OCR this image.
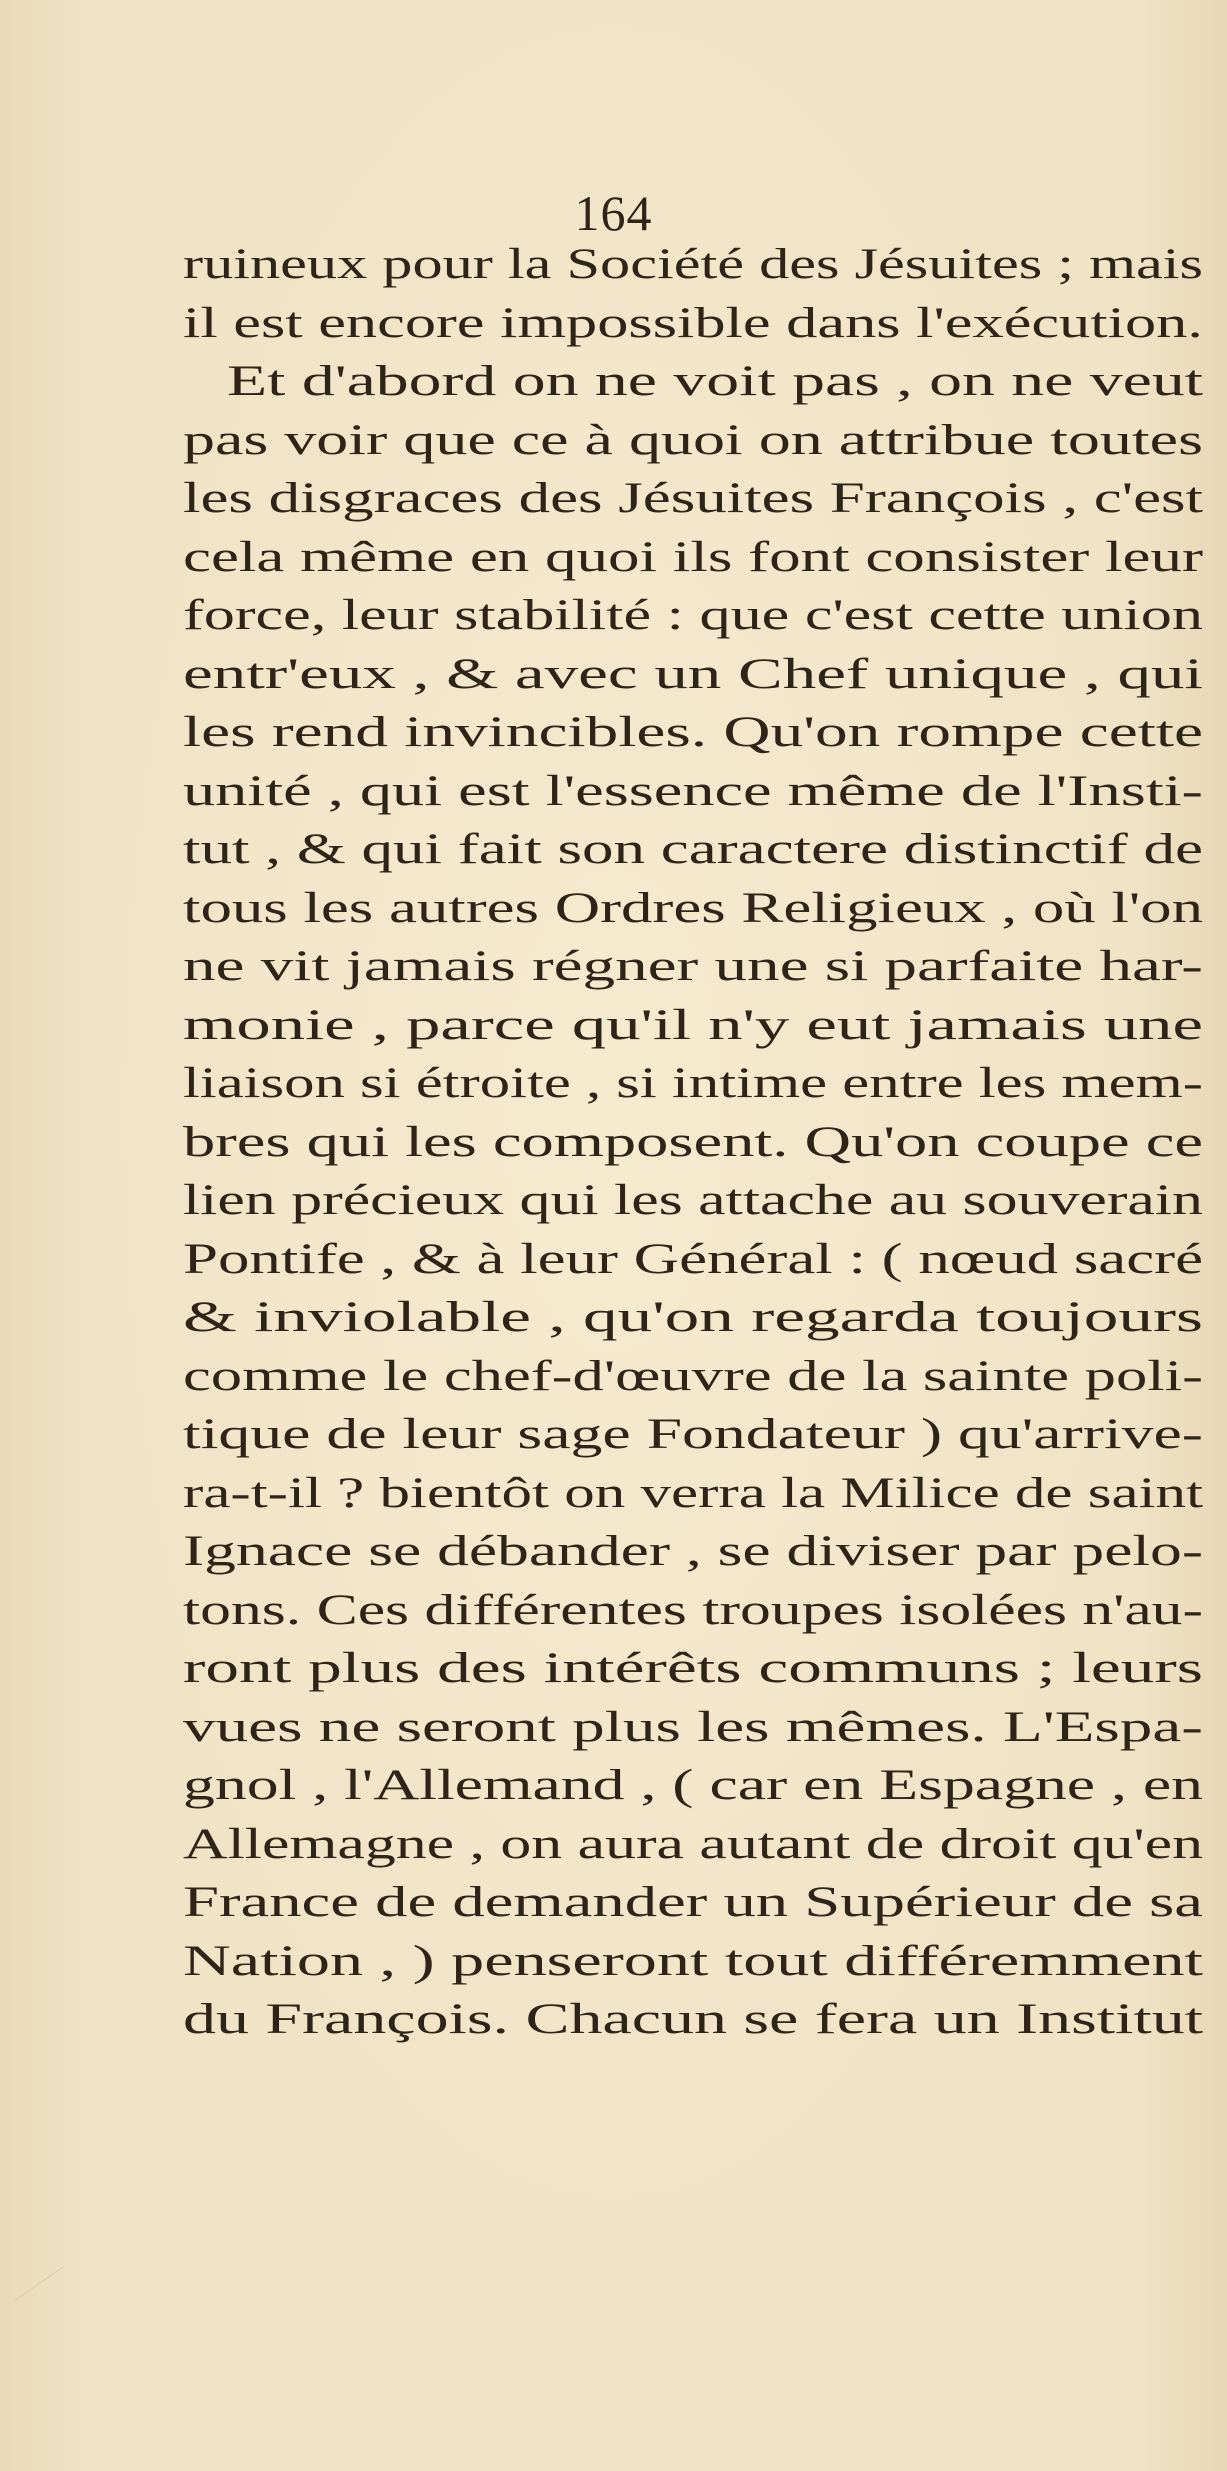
164
ruineux pour la Société des Jésuites ; mais
il est encore impossible dans l'exécution.
Et d'abord on ne voit pas , on ne veut
pas voir que ce à quoi on attribue toutes
les disgraces des Jésuites François , c'est
cela même en quoi ils font consister leur
force, leur stabilité : que c'est cette union
entr'eux , & avec un Chef unique , qui
les rend invincibles. Qu'on rompe cette
unité , qui est l'essence même de l'Insti-
tut , & qui fait son caractere distinctif de
tous les autres Ordres Religieux , où l'on
ne vit jamais régner une si parfaite har-
monie , parce qu'il n'y eut jamais une
liaison si étroite , si intime entre les mem-
bres qui les composent. Qu'on coupe ce
lien précieux qui les attache au souverain
Pontife , & à leur Général : ( nœud sacré
& inviolable , qu'on regarda toujours
comme le chef-d'œuvre de la sainte poli-
tique de leur sage Fondateur ) qu'arrive-
ra-t-il ? bientôt on verra la Milice de saint
Ignace se débander , se diviser par pelo-
tons. Ces différentes troupes isolées n'au-
ront plus des intérêts communs ; leurs
vues ne seront plus les mêmes. L'Espa-
gnol , l'Allemand , ( car en Espagne , en
Allemagne , on aura autant de droit qu'en
France de demander un Supérieur de sa
Nation , ) penseront tout différemment
du François. Chacun se fera un Institut
